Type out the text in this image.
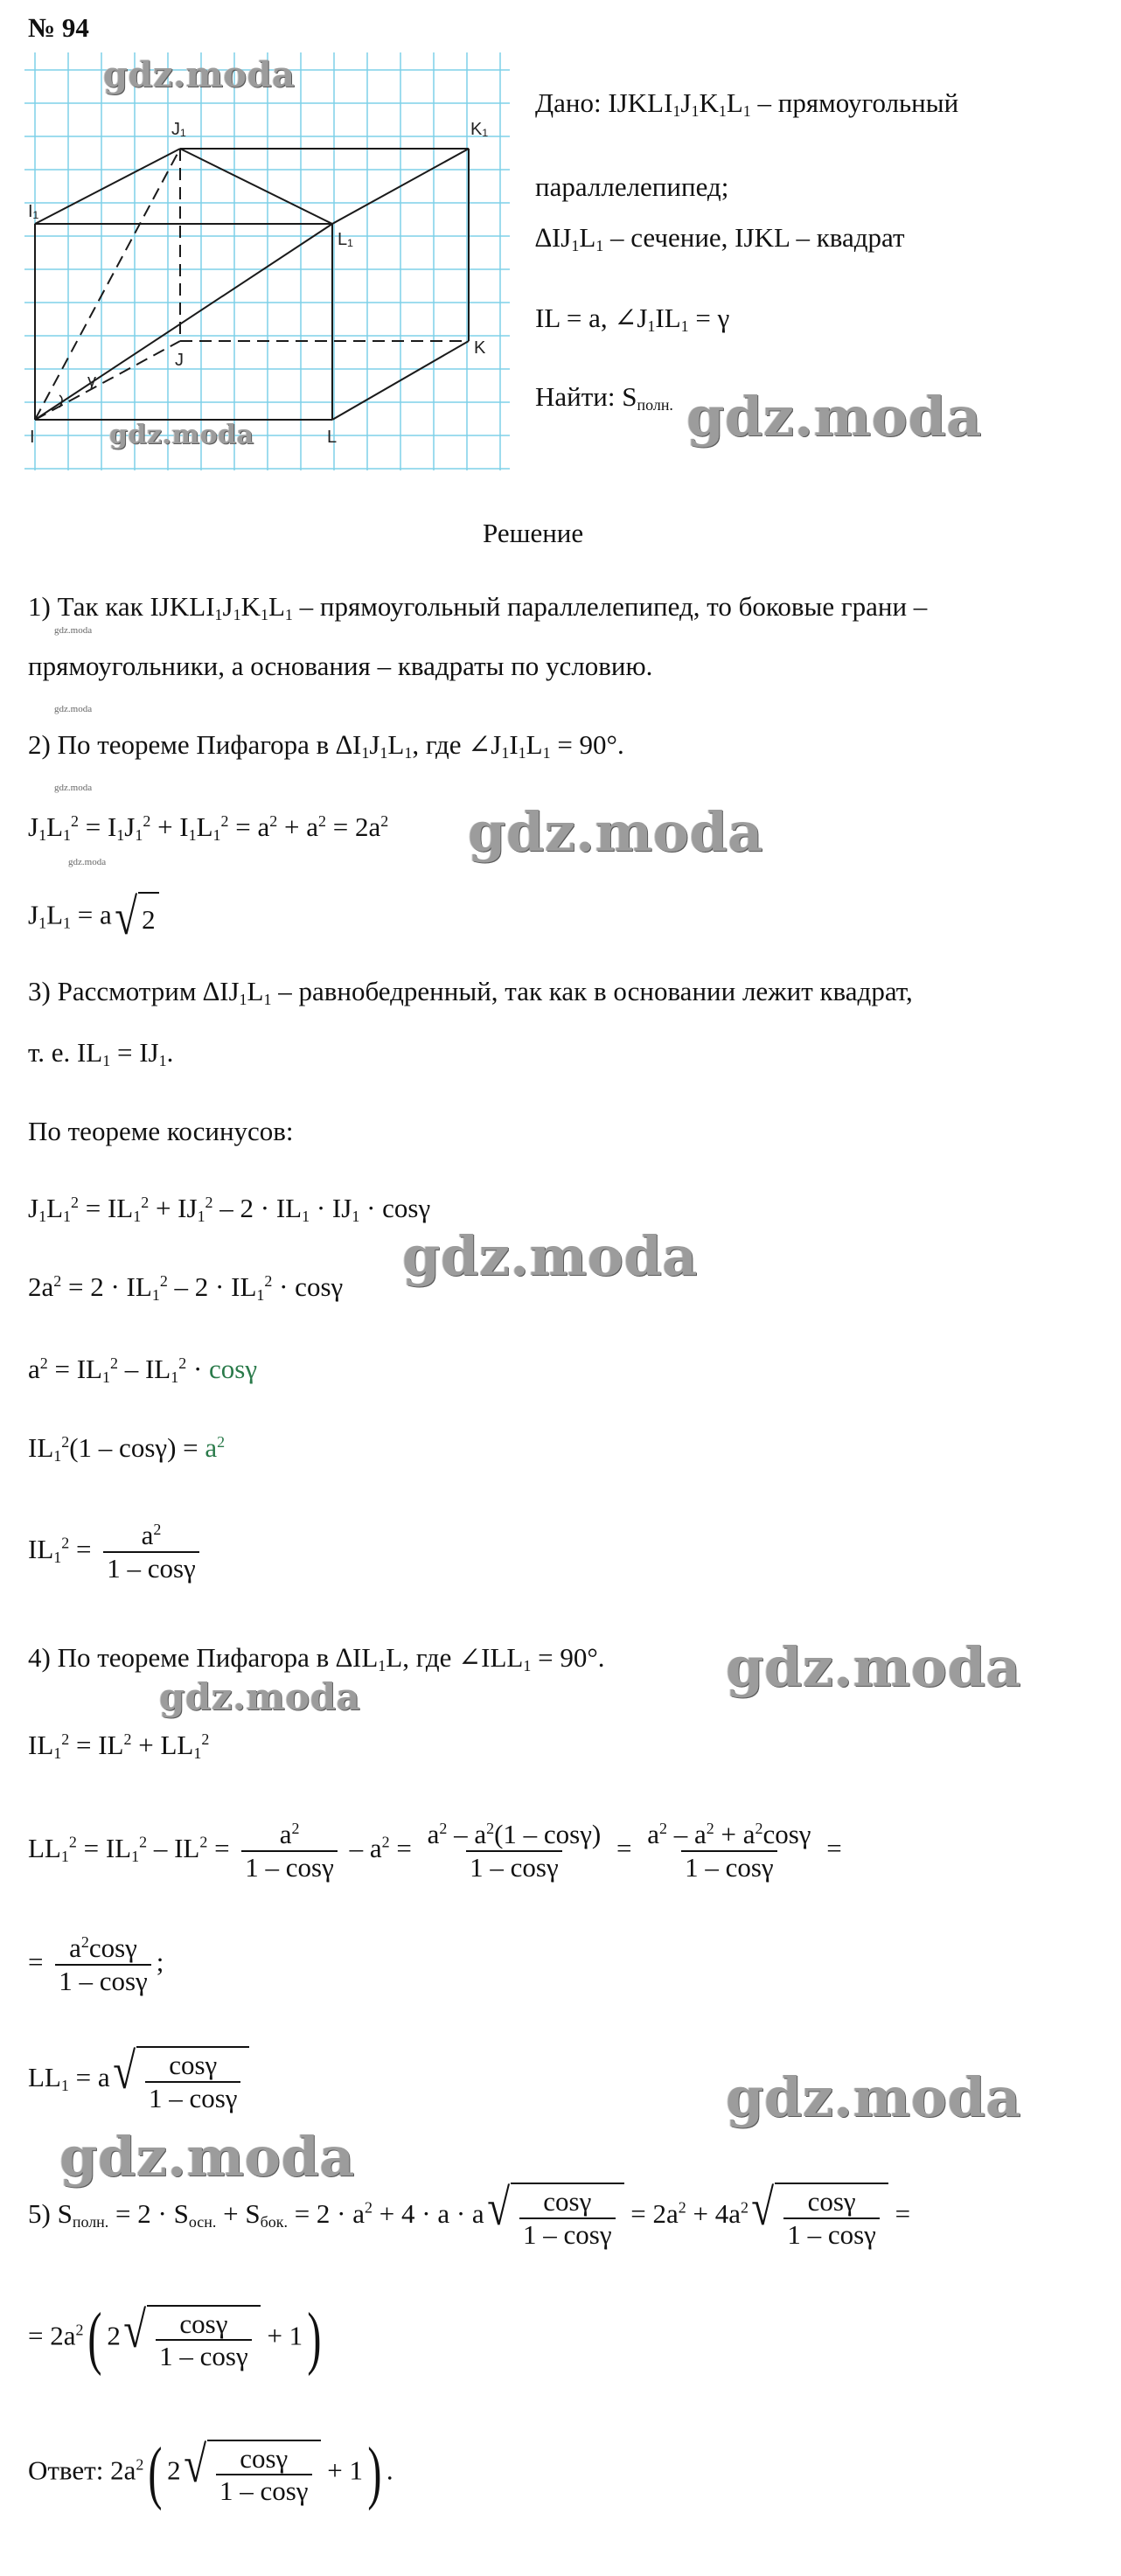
№ 94
J₁	K₁
I₁
L₁
J
K
I	L
γ
gdz.moda
gdz.moda
Дано: $IJKLI_1J_1K_1L_1$ – прямоугольный
параллелепипед;
$\Delta IJ_1L_1$ – сечение, IJKL – квадрат
IL = a, $\angle J_1IL_1 = \gamma$
Найти: $S_{полн.}$ gdz.moda
Решение
1) Так как $IJKLI_1J_1K_1L_1$ – прямоугольный параллелепипед, то боковые грани –
gdz.moda
прямоугольники, а основания – квадраты по условию.
gdz.moda
2) По теореме Пифагора в $\Delta I_1J_1L_1$, где $\angle J_1I_1L_1 = 90^\circ$.
gdz.moda
$J_1L_1^2 = I_1J_1^2 + I_1L_1^2 = a^2 + a^2 = 2a^2$ gdz.moda
gdz.moda
$J_1L_1 = a$ √ 2
3) Рассмотрим $\Delta IJ_1L_1$ – равнобедренный, так как в основании лежит квадрат,
т. е. $IL_1 = IJ_1$.
По теореме косинусов:
$J_1L_1^2 = IL_1^2 + IJ_1^2 - 2 \cdot IL_1 \cdot IJ_1 \cdot \cos\gamma$
$2a^2 = 2 \cdot IL_1^2 - 2 \cdot IL_1^2 \cdot \cos\gamma$ gdz.moda
$a^2 = IL_1^2 - IL_1^2 \cdot \cos\gamma$
$IL_1^2(1 - \cos\gamma) = a^2$
$IL_1^2 = \frac{a^2}{1 - \cos\gamma}$
4) По теореме Пифагора в $\Delta IL_1L$, где $\angle ILL_1 = 90^\circ$. gdz.moda
gdz.moda
$IL_1^2 = IL^2 + LL_1^2$
$LL_1^2 = IL_1^2 - IL^2 = \frac{a^2}{1 - \cos\gamma} - a^2 = \frac{a^2 - a^2(1 - \cos\gamma)}{1 - \cos\gamma} = \frac{a^2 - a^2 + a^2\cos\gamma}{1 - \cos\gamma}$ =
= $\frac{a^2\cos\gamma}{1 - \cos\gamma}$ ;
$LL_1 = a$ √ $\frac{\cos\gamma}{1 - \cos\gamma}$	gdz.moda
gdz.moda
5) $S_{полн.} = 2 \cdot S_{осн.} + S_{бок.} = 2 \cdot a^2 + 4 \cdot a \cdot a$ √ $\frac{\cos\gamma}{1 - \cos\gamma} = 2a^2 + 4a^2$ √ $\frac{\cos\gamma}{1 - \cos\gamma}$ =
= $2a^2$( 2 √ $\frac{\cos\gamma}{1 - \cos\gamma} + 1$)
Ответ: $2a^2$( 2 √ $\frac{\cos\gamma}{1 - \cos\gamma} + 1$) .
